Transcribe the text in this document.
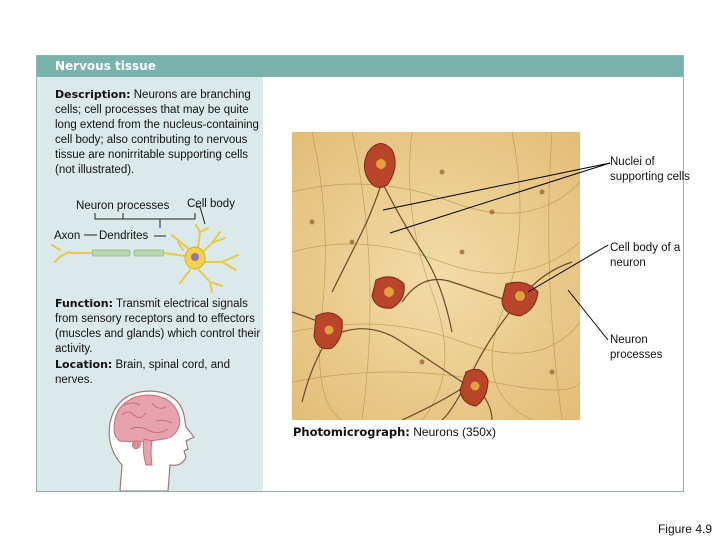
Nervous tissue
Description: Neurons are branching cells; cell processes that may be quite long extend from the nucleus-containing cell body; also contributing to nervous tissue are nonirritable supporting cells (not illustrated).
Neuron processes Cell body
Axon Dendrites
Function: Transmit electrical signals from sensory receptors and to effectors (muscles and glands) which control their activity.
Location: Brain, spinal cord, and nerves.
Nuclei of supporting cells
Cell body of a neuron
Neuron processes
Photomicrograph: Neurons (350x)
Figure 4.9
